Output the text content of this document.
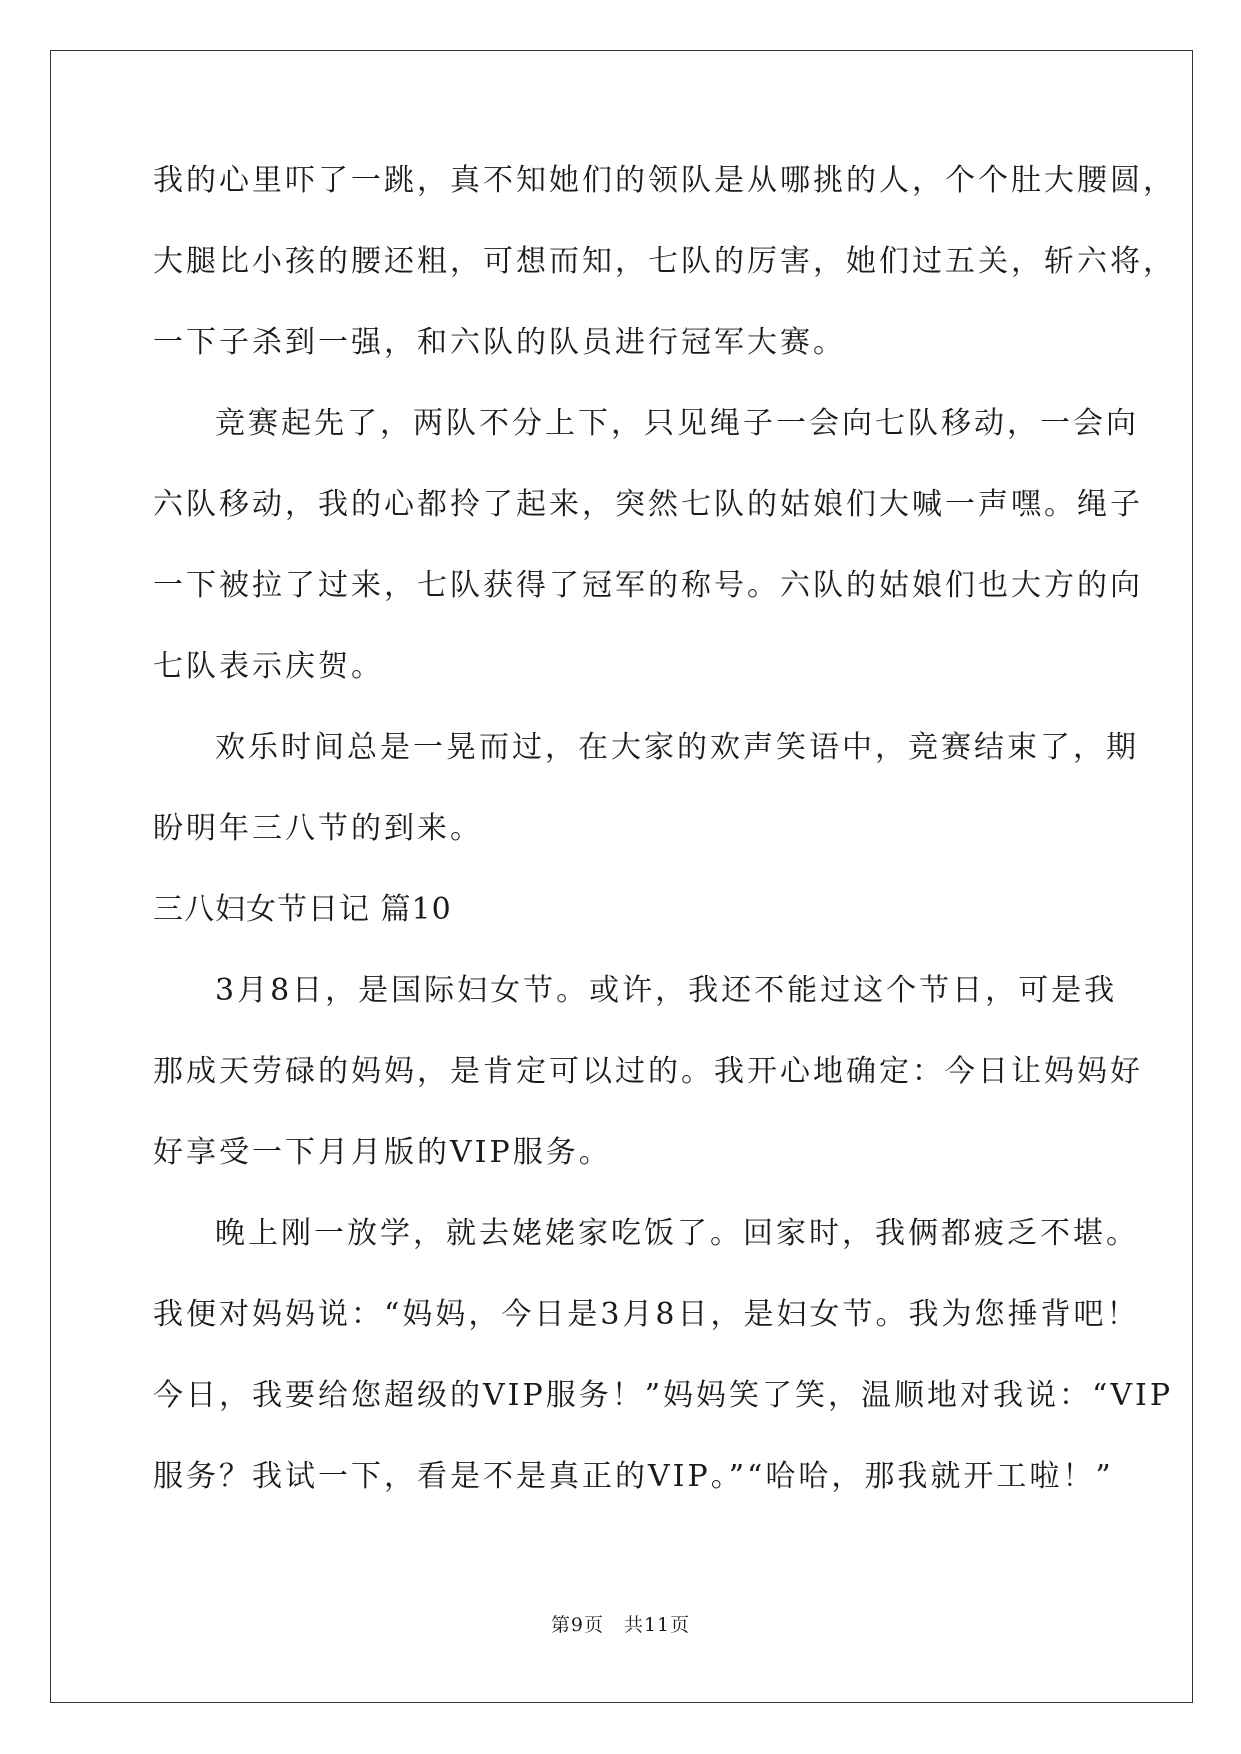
我的心里吓了一跳，真不知她们的领队是从哪挑的人，个个肚大腰圆，
大腿比小孩的腰还粗，可想而知，七队的厉害，她们过五关，斩六将，
一下子杀到一强，和六队的队员进行冠军大赛。
竞赛起先了，两队不分上下，只见绳子一会向七队移动，一会向
六队移动，我的心都拎了起来，突然七队的姑娘们大喊一声嘿。绳子
一下被拉了过来，七队获得了冠军的称号。六队的姑娘们也大方的向
七队表示庆贺。
欢乐时间总是一晃而过，在大家的欢声笑语中，竞赛结束了，期
盼明年三八节的到来。
三八妇女节日记 篇10
3月8日，是国际妇女节。或许，我还不能过这个节日，可是我
那成天劳碌的妈妈，是肯定可以过的。我开心地确定：今日让妈妈好
好享受一下月月版的VIP服务。
晚上刚一放学，就去姥姥家吃饭了。回家时，我俩都疲乏不堪。
我便对妈妈说：“妈妈，今日是3月8日，是妇女节。我为您捶背吧！
今日，我要给您超级的VIP服务！”妈妈笑了笑，温顺地对我说：“VIP
服务？我试一下，看是不是真正的VIP。”“哈哈，那我就开工啦！”
第9页　共11页
